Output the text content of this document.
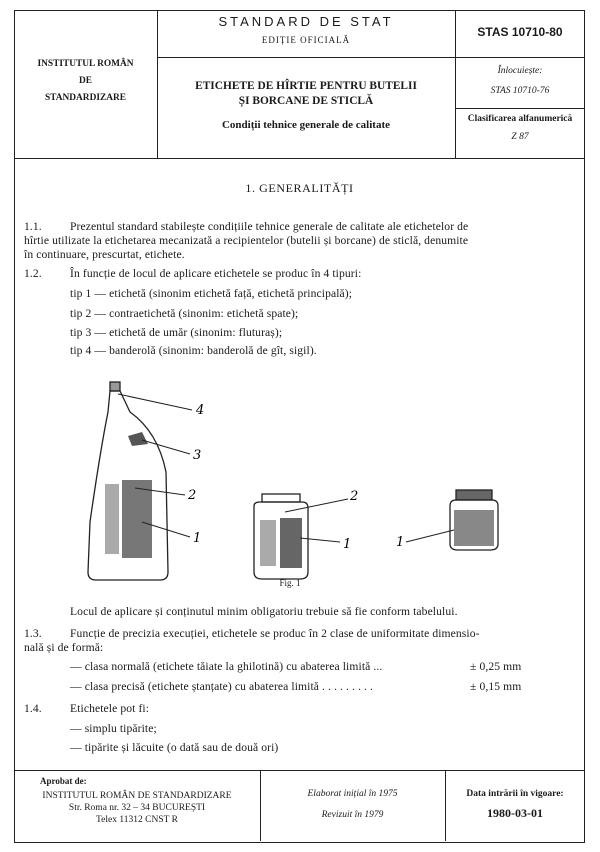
INSTITUTUL ROMÂN
DE
STANDARDIZARE
STANDARD DE STAT
EDIȚIE OFICIALĂ
ETICHETE DE HÎRTIE PENTRU BUTELII
ȘI BORCANE DE STICLĂ
Condiții tehnice generale de calitate
STAS 10710-80
Înlocuiește:
STAS 10710-76
Clasificarea alfanumerică
Z 87
1. GENERALITĂȚI
1.1. Prezentul standard stabilește condițiile tehnice generale de calitate ale etichetelor de
hîrtie utilizate la etichetarea mecanizată a recipientelor (butelii și borcane) de sticlă, denumite
în continuare, prescurtat, etichete.
1.2. În funcție de locul de aplicare etichetele se produc în 4 tipuri:
tip 1 — etichetă (sinonim etichetă față, etichetă principală);
tip 2 — contraetichetă (sinonim: etichetă spate);
tip 3 — etichetă de umăr (sinonim: fluturaș);
tip 4 — banderolă (sinonim: banderolă de gît, sigil).
4
3
2
1
2
1	1
Fig. 1
Locul de aplicare și conținutul minim obligatoriu trebuie să fie conform tabelului.
1.3. Funcție de precizia execuției, etichetele se produc în 2 clase de uniformitate dimensio-
nală și de formă:
— clasa normală (etichete tăiate la ghilotină) cu abaterea limită ...	± 0,25 mm
— clasa precisă (etichete ștanțate) cu abaterea limită . . . . . . . . .	± 0,15 mm
1.4. Etichetele pot fi:
— simplu tipărite;
— tipărite și lăcuite (o dată sau de două ori)
Aprobat de:
INSTITUTUL ROMÂN DE STANDARDIZARE
Str. Roma nr. 32 – 34 BUCUREȘTI
Telex 11312 CNST R
Elaborat inițial în 1975
Revizuit în 1979
Data intrării în vigoare:
1980-03-01
